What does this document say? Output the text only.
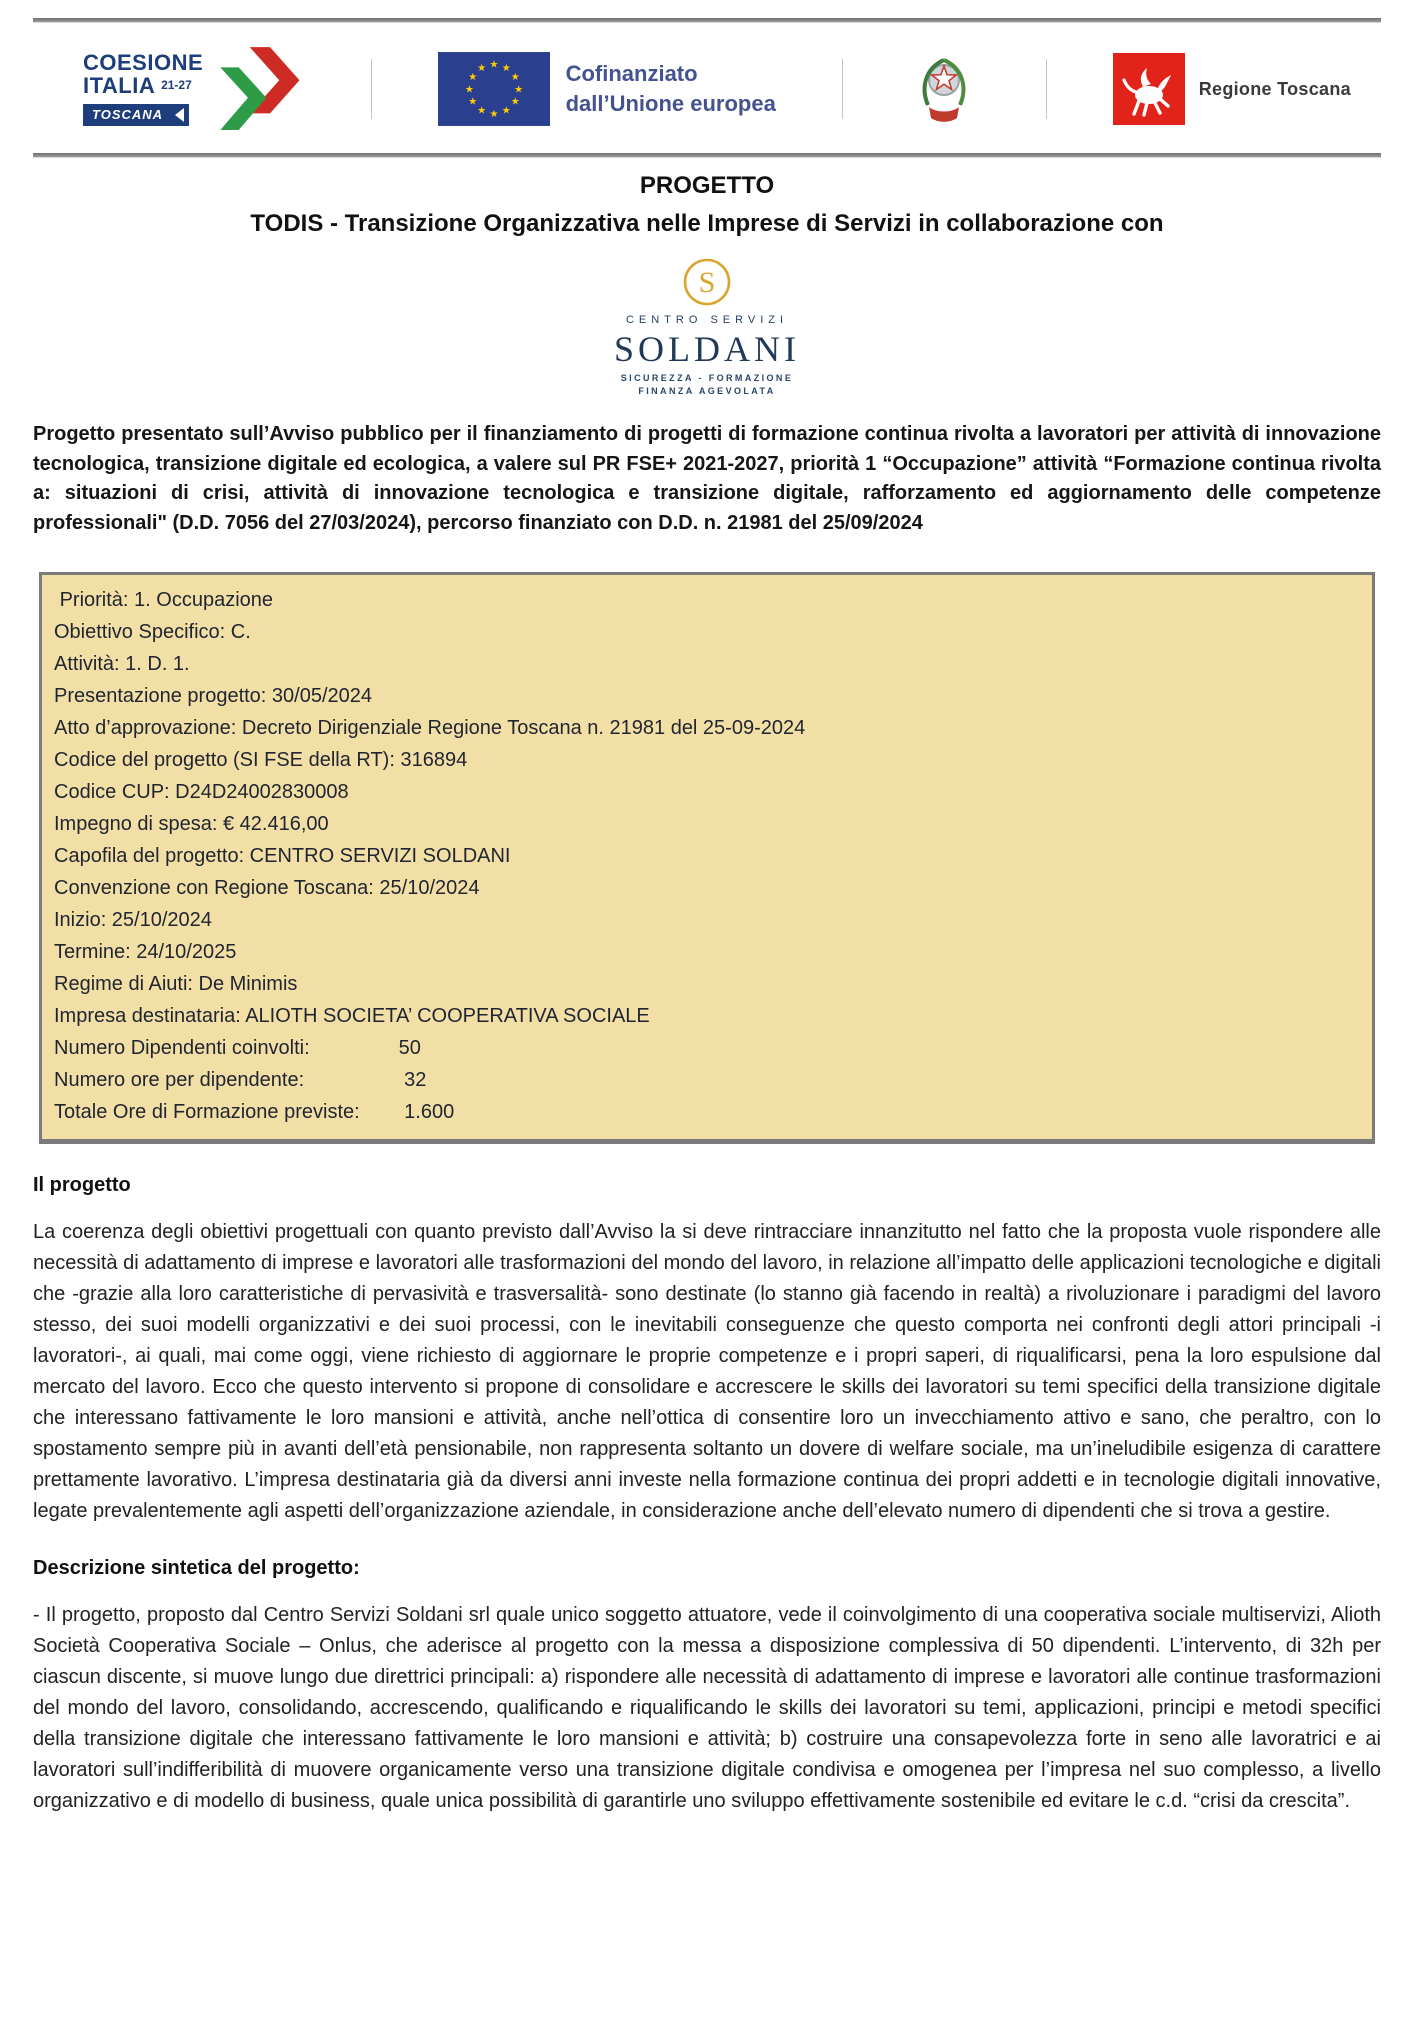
COESIONE
ITALIA 21-27
TOSCANA
★ ★
★
★
★
★
★
★
★
★
★
★	Cofinanziato
dall’Unione europea
Regione Toscana
PROGETTO
TODIS - Transizione Organizzativa nelle Imprese di Servizi in collaborazione con
S
CENTRO SERVIZI
SOLDANI
SICUREZZA - FORMAZIONE
FINANZA AGEVOLATA

Progetto presentato sull’Avviso pubblico per il finanziamento di progetti di formazione continua rivolta a lavoratori per attività di innovazione tecnologica, transizione digitale ed ecologica, a valere sul PR FSE+ 2021-2027, priorità 1 “Occupazione” attività “Formazione continua rivolta a: situazioni di crisi, attività di innovazione tecnologica e transizione digitale, rafforzamento ed aggiornamento delle competenze professionali" (D.D. 7056 del 27/03/2024), percorso finanziato con D.D. n. 21981 del 25/09/2024

Priorità: 1. Occupazione
Obiettivo Specifico: C.
Attività: 1. D. 1.
Presentazione progetto: 30/05/2024
Atto d’approvazione: Decreto Dirigenziale Regione Toscana n. 21981 del 25-09-2024
Codice del progetto (SI FSE della RT): 316894
Codice CUP: D24D24002830008
Impegno di spesa: € 42.416,00
Capofila del progetto: CENTRO SERVIZI SOLDANI
Convenzione con Regione Toscana: 25/10/2024
Inizio: 25/10/2024
Termine: 24/10/2025
Regime di Aiuti: De Minimis
Impresa destinataria: ALIOTH SOCIETA’ COOPERATIVA SOCIALE
Numero Dipendenti coinvolti:                50
Numero ore per dipendente:                  32
Totale Ore di Formazione previste:        1.600
Il progetto

La coerenza degli obiettivi progettuali con quanto previsto dall’Avviso la si deve rintracciare innanzitutto nel fatto che la proposta vuole rispondere alle necessità di adattamento di imprese e lavoratori alle trasformazioni del mondo del lavoro, in relazione all’impatto delle applicazioni tecnologiche e digitali che -grazie alla loro caratteristiche di pervasività e trasversalità- sono destinate (lo stanno già facendo in realtà) a rivoluzionare i paradigmi del lavoro stesso, dei suoi modelli organizzativi e dei suoi processi, con le inevitabili conseguenze che questo comporta nei confronti degli attori principali -i lavoratori-, ai quali, mai come oggi, viene richiesto di aggiornare le proprie competenze e i propri saperi, di riqualificarsi, pena la loro espulsione dal mercato del lavoro. Ecco che questo intervento si propone di consolidare e accrescere le skills dei lavoratori su temi specifici della transizione digitale che interessano fattivamente le loro mansioni e attività, anche nell’ottica di consentire loro un invecchiamento attivo e sano, che peraltro, con lo spostamento sempre più in avanti dell’età pensionabile, non rappresenta soltanto un dovere di welfare sociale, ma un’ineludibile esigenza di carattere prettamente lavorativo. L’impresa destinataria già da diversi anni investe nella formazione continua dei propri addetti e in tecnologie digitali innovative, legate prevalentemente agli aspetti dell’organizzazione aziendale, in considerazione anche dell’elevato numero di dipendenti che si trova a gestire.

Descrizione sintetica del progetto:

- Il progetto, proposto dal Centro Servizi Soldani srl quale unico soggetto attuatore, vede il coinvolgimento di una cooperativa sociale multiservizi, Alioth Società Cooperativa Sociale – Onlus, che aderisce al progetto con la messa a disposizione complessiva di 50 dipendenti. L’intervento, di 32h per ciascun discente, si muove lungo due direttrici principali: a) rispondere alle necessità di adattamento di imprese e lavoratori alle continue trasformazioni del mondo del lavoro, consolidando, accrescendo, qualificando e riqualificando le skills dei lavoratori su temi, applicazioni, principi e metodi specifici della transizione digitale che interessano fattivamente le loro mansioni e attività; b) costruire una consapevolezza forte in seno alle lavoratrici e ai lavoratori sull’indifferibilità di muovere organicamente verso una transizione digitale condivisa e omogenea per l’impresa nel suo complesso, a livello organizzativo e di modello di business, quale unica possibilità di garantirle uno sviluppo effettivamente sostenibile ed evitare le c.d. “crisi da crescita”.
